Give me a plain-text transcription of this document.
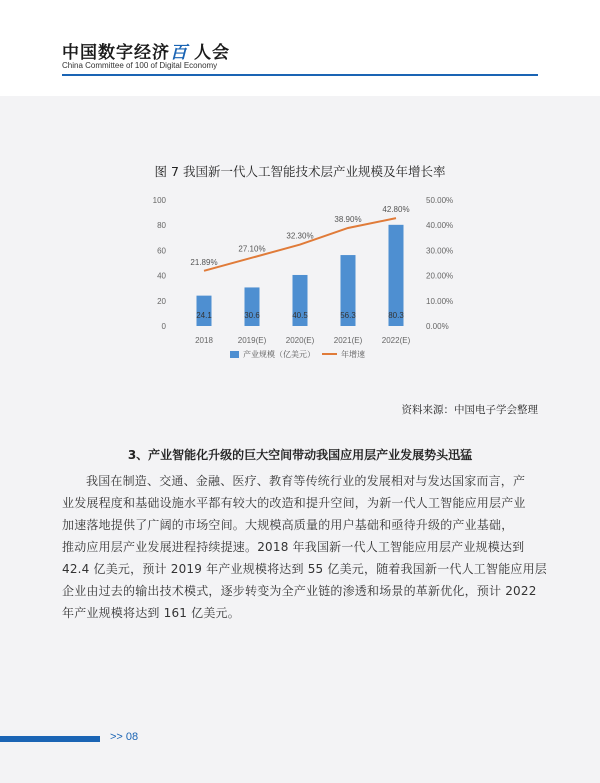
中国数字经济百 人会
China Committee of 100 of Digital Economy
图 7 我国新一代人工智能技术层产业规模及年增长率
0
20
40
60
80
100
0.00%
10.00%
20.00%
30.00%
40.00%
50.00%
24.1	30.6	40.5	56.3	80.3
2018	2019(E) 2020(E) 2021(E) 2022(E)
21.89%
27.10%
32.30%
38.90%
42.80%
产业规模（亿美元）	年增速
资料来源：中国电子学会整理
3、产业智能化升级的巨大空间带动我国应用层产业发展势头迅猛
我国在制造、交通、金融、医疗、教育等传统行业的发展相对与发达国家而言，产
业发展程度和基础设施水平都有较大的改造和提升空间，为新一代人工智能应用层产业
加速落地提供了广阔的市场空间。大规模高质量的用户基础和亟待升级的产业基础，
推动应用层产业发展进程持续提速。2018 年我国新一代人工智能应用层产业规模达到
42.4 亿美元，预计 2019 年产业规模将达到 55 亿美元，随着我国新一代人工智能应用层
企业由过去的输出技术模式，逐步转变为全产业链的渗透和场景的革新优化，预计 2022
年产业规模将达到 161 亿美元。
>> 08
